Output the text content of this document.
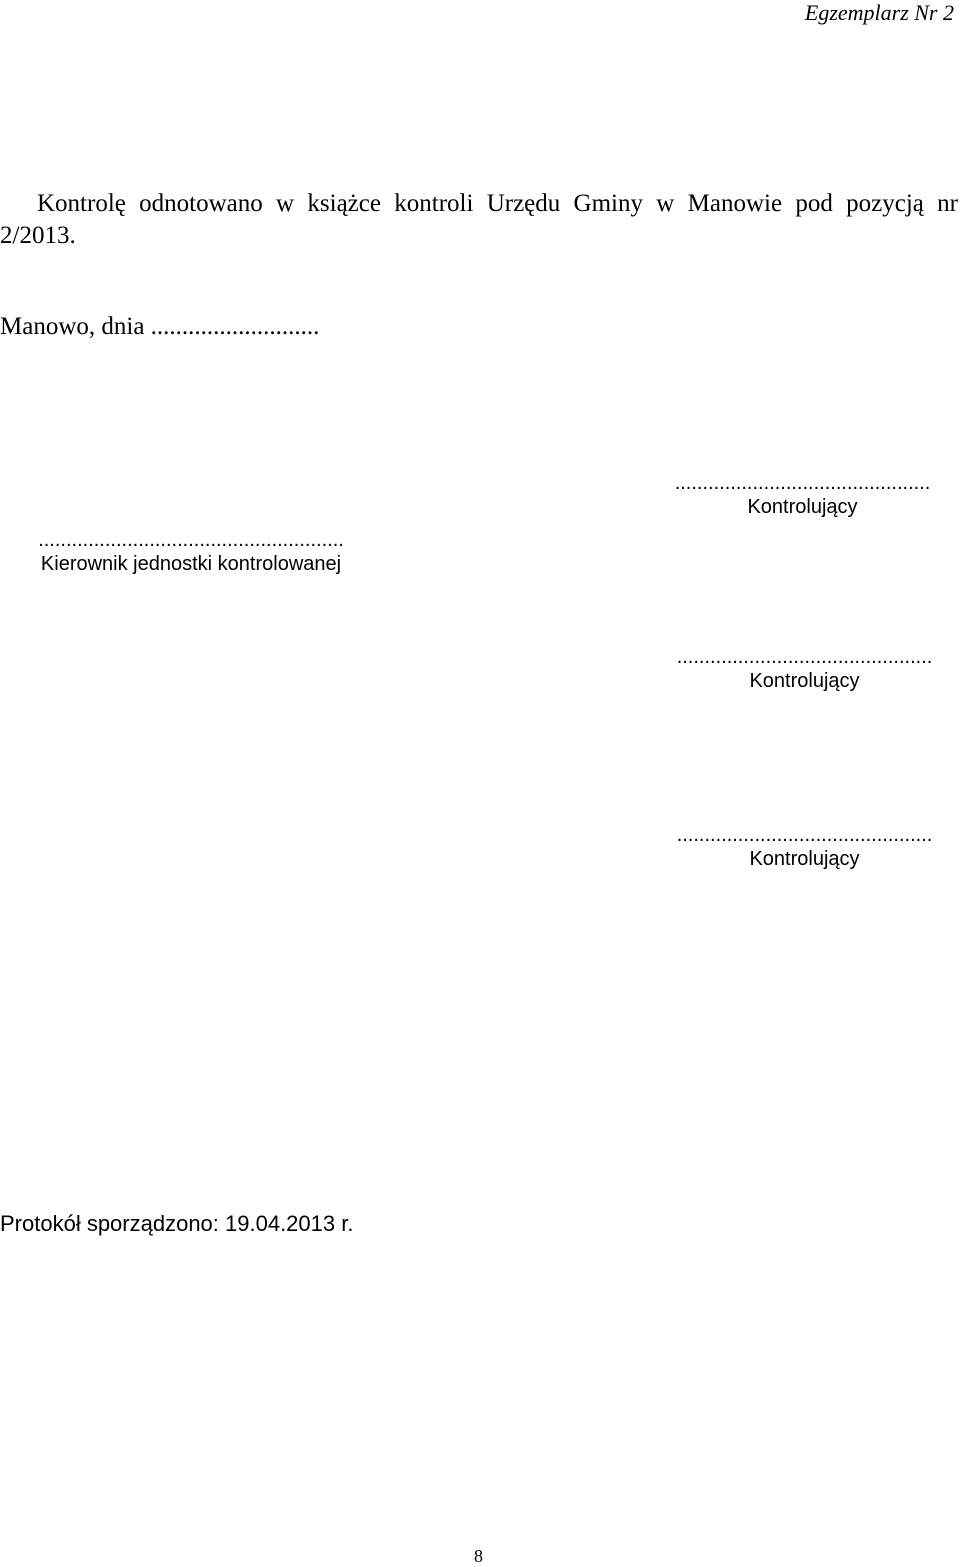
Egzemplarz Nr 2
Kontrolę odnotowano w książce kontroli Urzędu Gminy w Manowie pod pozycją nr 2/2013.
Manowo, dnia ...........................
..............................................
Kontrolujący
.......................................................
Kierownik jednostki kontrolowanej
..............................................
Kontrolujący
..............................................
Kontrolujący
Protokół sporządzono: 19.04.2013 r.
8
